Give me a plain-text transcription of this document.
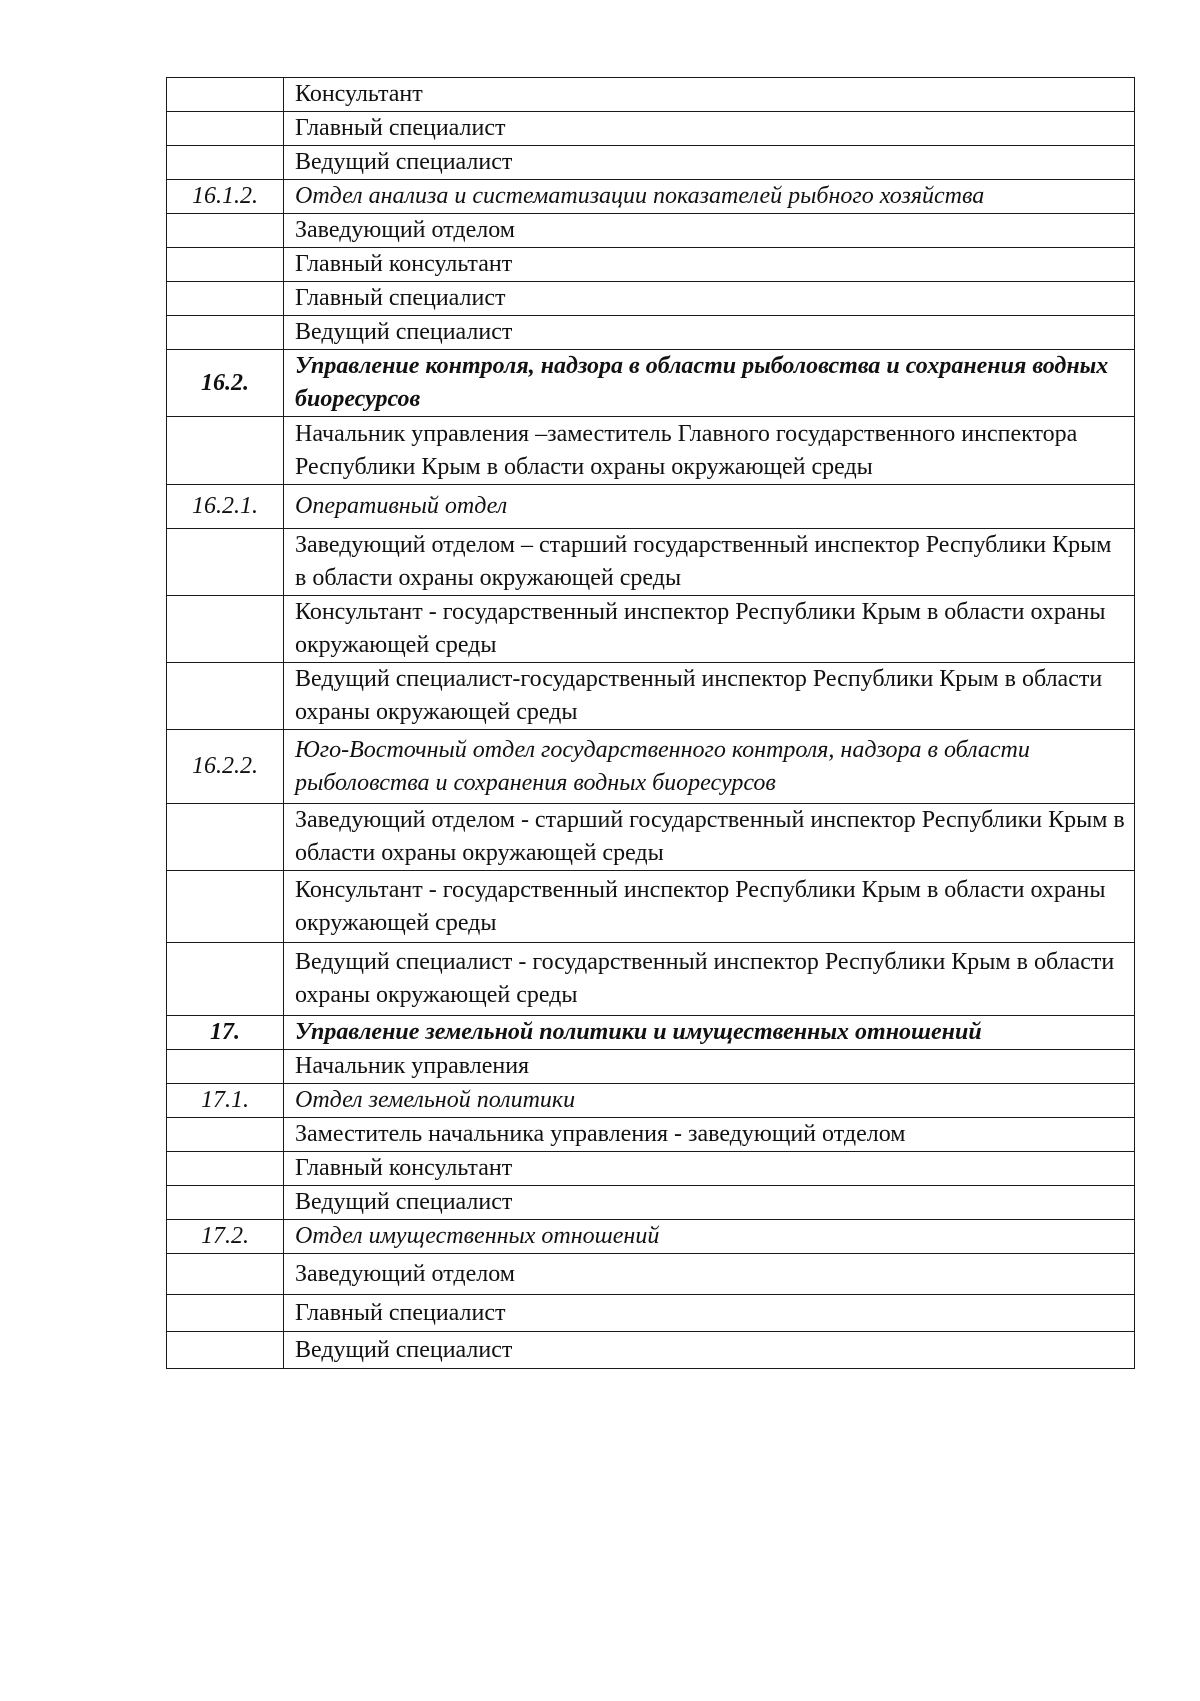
	Консультант
	Главный специалист
	Ведущий специалист
16.1.2.	Отдел анализа и систематизации показателей рыбного хозяйства
	Заведующий отделом
	Главный консультант
	Главный специалист
	Ведущий специалист
16.2.	Управление контроля, надзора в области рыболовства и сохранения водных биоресурсов
	Начальник управления –заместитель Главного государственного инспектора Республики Крым в области охраны окружающей среды
16.2.1.	Оперативный отдел
	Заведующий отделом – старший государственный инспектор Республики Крым в области охраны окружающей среды
	Консультант - государственный инспектор Республики Крым в области охраны окружающей среды
	Ведущий специалист-государственный инспектор Республики Крым в области охраны окружающей среды
16.2.2.	Юго-Восточный отдел государственного контроля, надзора в области рыболовства и сохранения водных биоресурсов
	Заведующий отделом - старший государственный инспектор Республики Крым в области охраны окружающей среды
	Консультант - государственный инспектор Республики Крым в области охраны окружающей среды
	Ведущий специалист - государственный инспектор Республики Крым в области охраны окружающей среды
17.	Управление земельной политики и имущественных отношений
	Начальник управления
17.1.	Отдел земельной политики
	Заместитель начальника управления - заведующий отделом
	Главный консультант
	Ведущий специалист
17.2.	Отдел имущественных отношений
	Заведующий отделом
	Главный специалист
	Ведущий специалист
